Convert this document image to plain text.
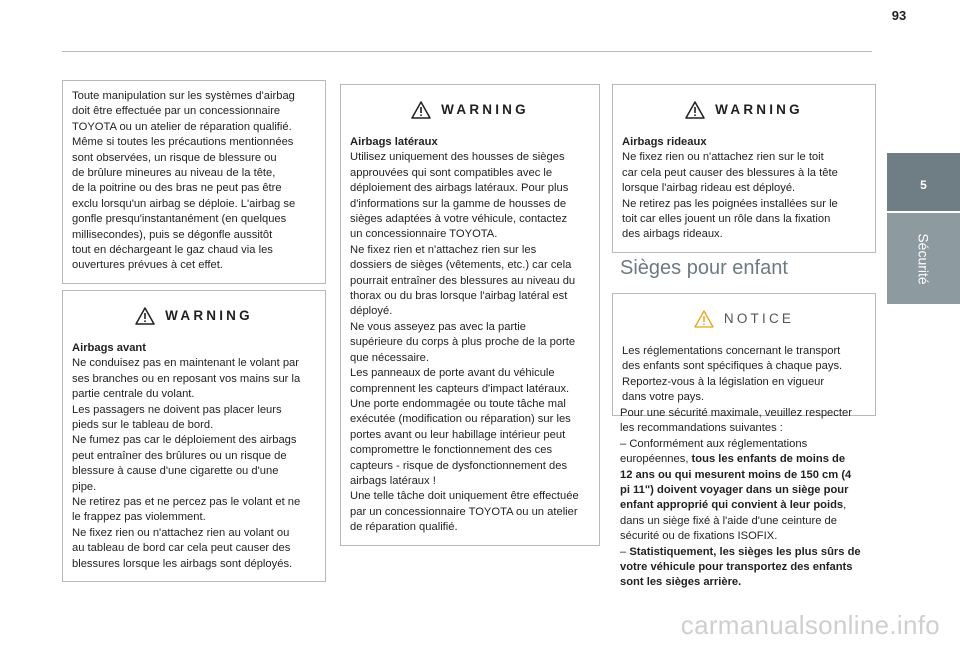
93
5
Sécurité

Toute manipulation sur les systèmes d'airbag
doit être effectuée par un concessionnaire
TOYOTA ou un atelier de réparation qualifié.
Même si toutes les précautions mentionnées
sont observées, un risque de blessure ou
de brûlure mineures au niveau de la tête,
de la poitrine ou des bras ne peut pas être
exclu lorsqu'un airbag se déploie. L'airbag se
gonfle presqu'instantanément (en quelques
millisecondes), puis se dégonfle aussitôt
tout en déchargeant le gaz chaud via les
ouvertures prévues à cet effet.

WARNING

Airbags avant

Ne conduisez pas en maintenant le volant par
ses branches ou en reposant vos mains sur la
partie centrale du volant.
Les passagers ne doivent pas placer leurs
pieds sur le tableau de bord.
Ne fumez pas car le déploiement des airbags
peut entraîner des brûlures ou un risque de
blessure à cause d'une cigarette ou d'une
pipe.
Ne retirez pas et ne percez pas le volant et ne
le frappez pas violemment.
Ne fixez rien ou n'attachez rien au volant ou
au tableau de bord car cela peut causer des
blessures lorsque les airbags sont déployés.

WARNING

Airbags latéraux

Utilisez uniquement des housses de sièges
approuvées qui sont compatibles avec le
déploiement des airbags latéraux. Pour plus
d'informations sur la gamme de housses de
sièges adaptées à votre véhicule, contactez
un concessionnaire TOYOTA.
Ne fixez rien et n'attachez rien sur les
dossiers de sièges (vêtements, etc.) car cela
pourrait entraîner des blessures au niveau du
thorax ou du bras lorsque l'airbag latéral est
déployé.
Ne vous asseyez pas avec la partie
supérieure du corps à plus proche de la porte
que nécessaire.
Les panneaux de porte avant du véhicule
comprennent les capteurs d'impact latéraux.
Une porte endommagée ou toute tâche mal
exécutée (modification ou réparation) sur les
portes avant ou leur habillage intérieur peut
compromettre le fonctionnement des ces
capteurs - risque de dysfonctionnement des
airbags latéraux !
Une telle tâche doit uniquement être effectuée
par un concessionnaire TOYOTA ou un atelier
de réparation qualifié.

WARNING

Airbags rideaux

Ne fixez rien ou n'attachez rien sur le toit
car cela peut causer des blessures à la tête
lorsque l'airbag rideau est déployé.
Ne retirez pas les poignées installées sur le
toit car elles jouent un rôle dans la fixation
des airbags rideaux.

Sièges pour enfant
NOTICE

Les réglementations concernant le transport
des enfants sont spécifiques à chaque pays.
Reportez-vous à la législation en vigueur
dans votre pays.

Pour une sécurité maximale, veuillez respecter
les recommandations suivantes :
– Conformément aux réglementations
européennes, tous les enfants de moins de
12 ans ou qui mesurent moins de 150 cm (4
pi 11") doivent voyager dans un siège pour
enfant approprié qui convient à leur poids,
dans un siège fixé à l'aide d'une ceinture de
sécurité ou de fixations ISOFIX.
– Statistiquement, les sièges les plus sûrs de
votre véhicule pour transportez des enfants
sont les sièges arrière.
carmanualsonline.info
